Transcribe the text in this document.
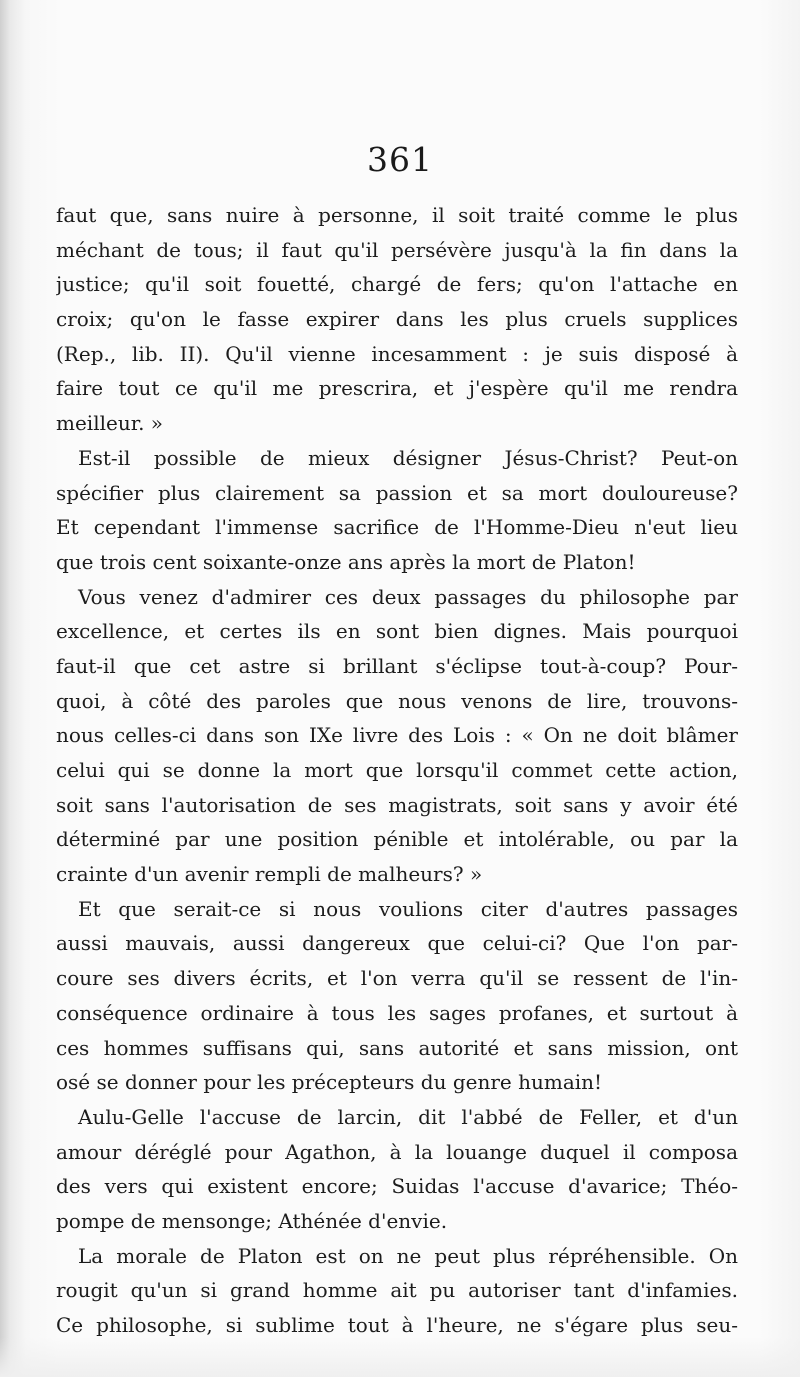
361
faut que, sans nuire à personne, il soit traité comme le plus
méchant de tous; il faut qu'il persévère jusqu'à la fin dans la
justice; qu'il soit fouetté, chargé de fers; qu'on l'attache en
croix; qu'on le fasse expirer dans les plus cruels supplices
(Rep., lib. II). Qu'il vienne incesamment : je suis disposé à
faire tout ce qu'il me prescrira, et j'espère qu'il me rendra
meilleur. »
Est-il possible de mieux désigner Jésus-Christ? Peut-on
spécifier plus clairement sa passion et sa mort douloureuse?
Et cependant l'immense sacrifice de l'Homme-Dieu n'eut lieu
que trois cent soixante-onze ans après la mort de Platon!
Vous venez d'admirer ces deux passages du philosophe par
excellence, et certes ils en sont bien dignes. Mais pourquoi
faut-il que cet astre si brillant s'éclipse tout-à-coup? Pour-
quoi, à côté des paroles que nous venons de lire, trouvons-
nous celles-ci dans son IXe livre des Lois : « On ne doit blâmer
celui qui se donne la mort que lorsqu'il commet cette action,
soit sans l'autorisation de ses magistrats, soit sans y avoir été
déterminé par une position pénible et intolérable, ou par la
crainte d'un avenir rempli de malheurs? »
Et que serait-ce si nous voulions citer d'autres passages
aussi mauvais, aussi dangereux que celui-ci? Que l'on par-
coure ses divers écrits, et l'on verra qu'il se ressent de l'in-
conséquence ordinaire à tous les sages profanes, et surtout à
ces hommes suffisans qui, sans autorité et sans mission, ont
osé se donner pour les précepteurs du genre humain!
Aulu-Gelle l'accuse de larcin, dit l'abbé de Feller, et d'un
amour déréglé pour Agathon, à la louange duquel il composa
des vers qui existent encore; Suidas l'accuse d'avarice; Théo-
pompe de mensonge; Athénée d'envie.
La morale de Platon est on ne peut plus répréhensible. On
rougit qu'un si grand homme ait pu autoriser tant d'infamies.
Ce philosophe, si sublime tout à l'heure, ne s'égare plus seu-
